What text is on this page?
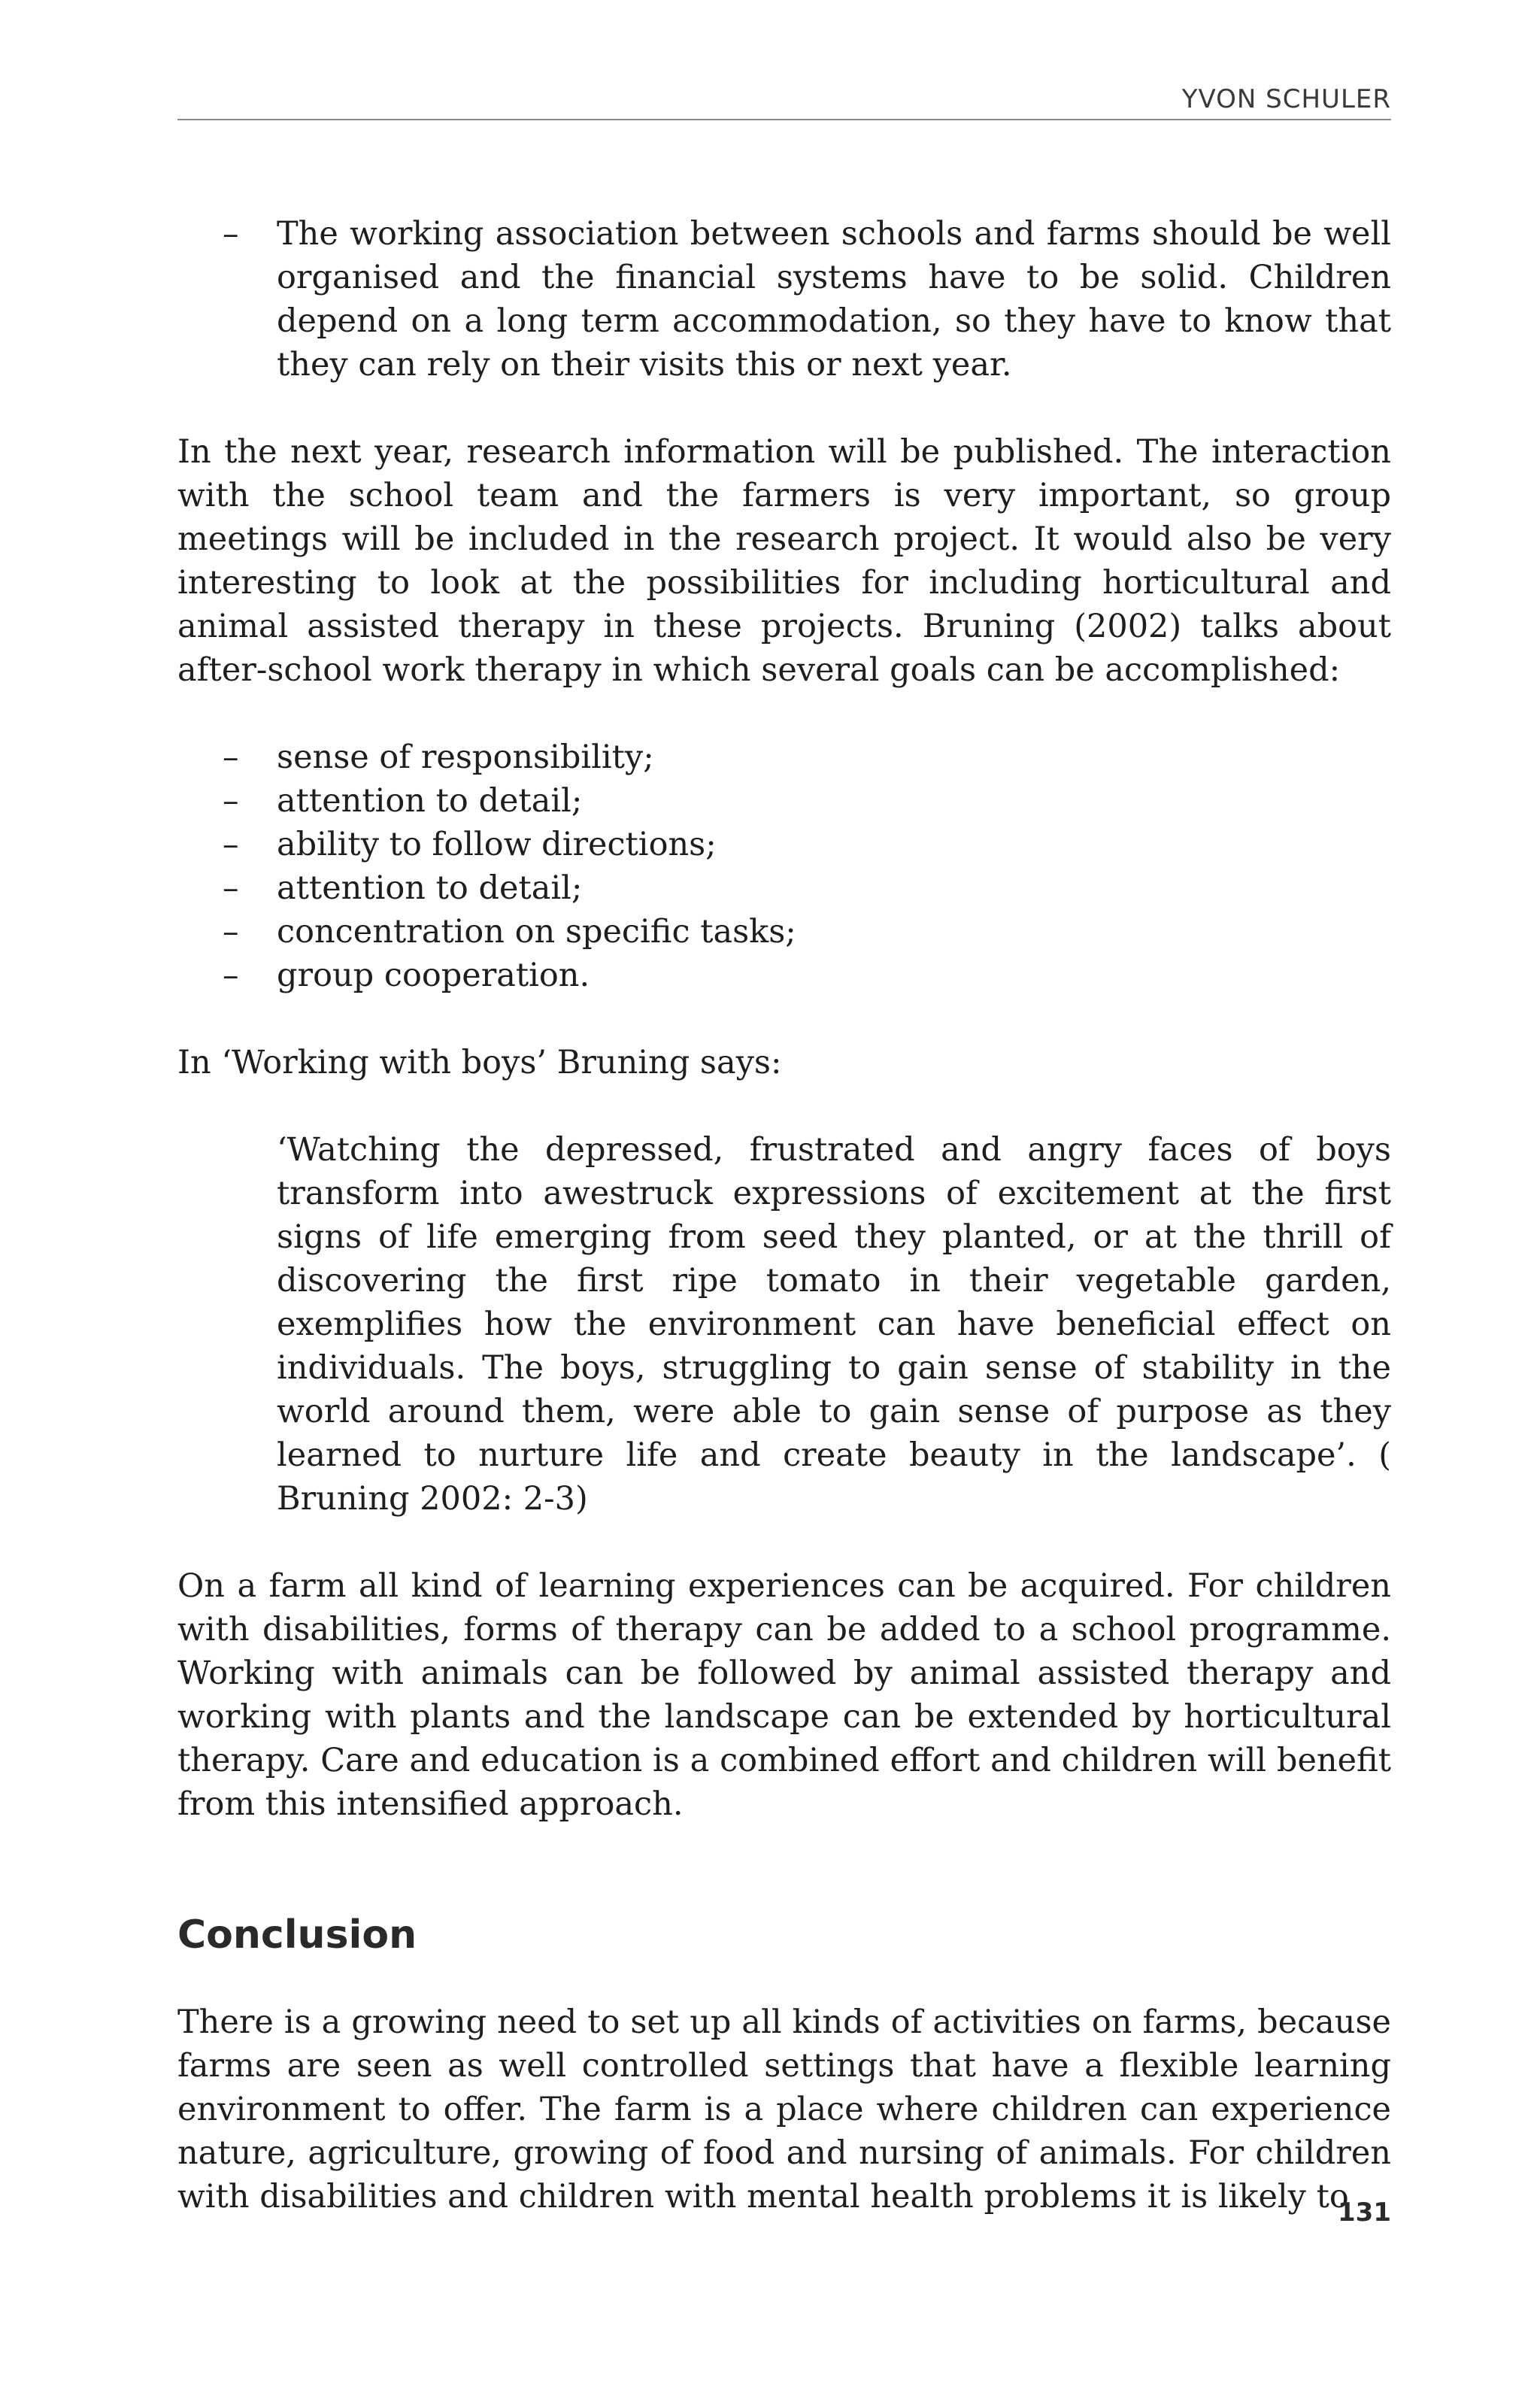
YVON SCHULER
– The working association between schools and farms should be well organised and the financial systems have to be solid. Children depend on a long term accommodation, so they have to know that they can rely on their visits this or next year.

In the next year, research information will be published. The interaction with the school team and the farmers is very important, so group meetings will be included in the research project. It would also be very interesting to look at the possibilities for including horticultural and animal assisted therapy in these projects. Bruning (2002) talks about after-school work therapy in which several goals can be accomplished:

– sense of responsibility;
– attention to detail;
– ability to follow directions;
– attention to detail;
– concentration on specific tasks;
– group cooperation.

In ‘Working with boys’ Bruning says:

‘Watching the depressed, frustrated and angry faces of boys transform into awestruck expressions of excitement at the first signs of life emerging from seed they planted, or at the thrill of discovering the first ripe tomato in their vegetable garden, exemplifies how the environment can have beneficial effect on individuals. The boys, struggling to gain sense of stability in the world around them, were able to gain sense of purpose as they learned to nurture life and create beauty in the landscape’. ( Bruning 2002: 2-3)

On a farm all kind of learning experiences can be acquired. For children with disabilities, forms of therapy can be added to a school programme. Working with animals can be followed by animal assisted therapy and working with plants and the landscape can be extended by horticultural therapy. Care and education is a combined effort and children will benefit from this intensified approach.

Conclusion

There is a growing need to set up all kinds of activities on farms, because farms are seen as well controlled settings that have a flexible learning environment to offer. The farm is a place where children can experience nature, agriculture, growing of food and nursing of animals. For children with disabilities and children with mental health problems it is likely to

131
